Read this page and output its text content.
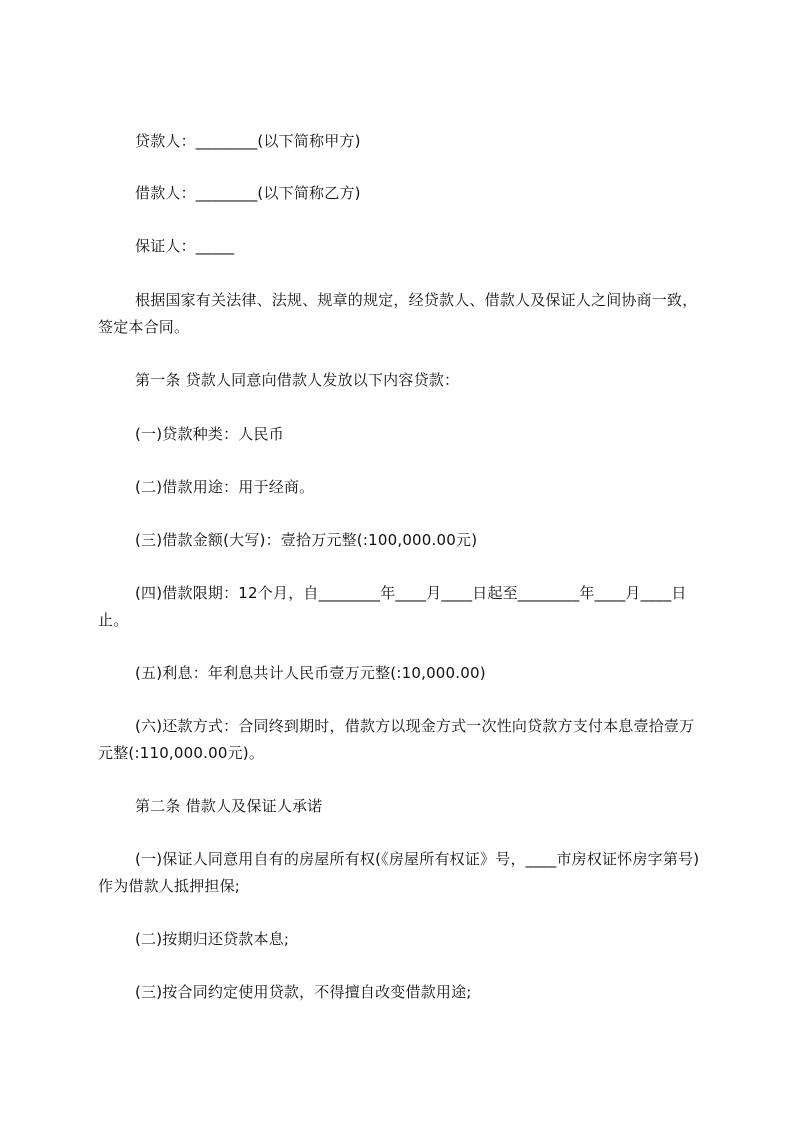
贷款人：________(以下简称甲方)

借款人：________(以下简称乙方)

保证人：_____

根据国家有关法律、法规、规章的规定，经贷款人、借款人及保证人之间协商一致，签定本合同。

第一条 贷款人同意向借款人发放以下内容贷款：

(一)贷款种类：人民币

(二)借款用途：用于经商。

(三)借款金额(大写)：壹拾万元整(:100,000.00元)

(四)借款限期：12个月，自________年____月____日起至________年____月____日止。

(五)利息：年利息共计人民币壹万元整(:10,000.00)

(六)还款方式：合同终到期时，借款方以现金方式一次性向贷款方支付本息壹拾壹万元整(:110,000.00元)。

第二条 借款人及保证人承诺

(一)保证人同意用自有的房屋所有权(《房屋所有权证》号，____市房权证怀房字第号)作为借款人抵押担保;

(二)按期归还贷款本息;

(三)按合同约定使用贷款，不得擅自改变借款用途;
